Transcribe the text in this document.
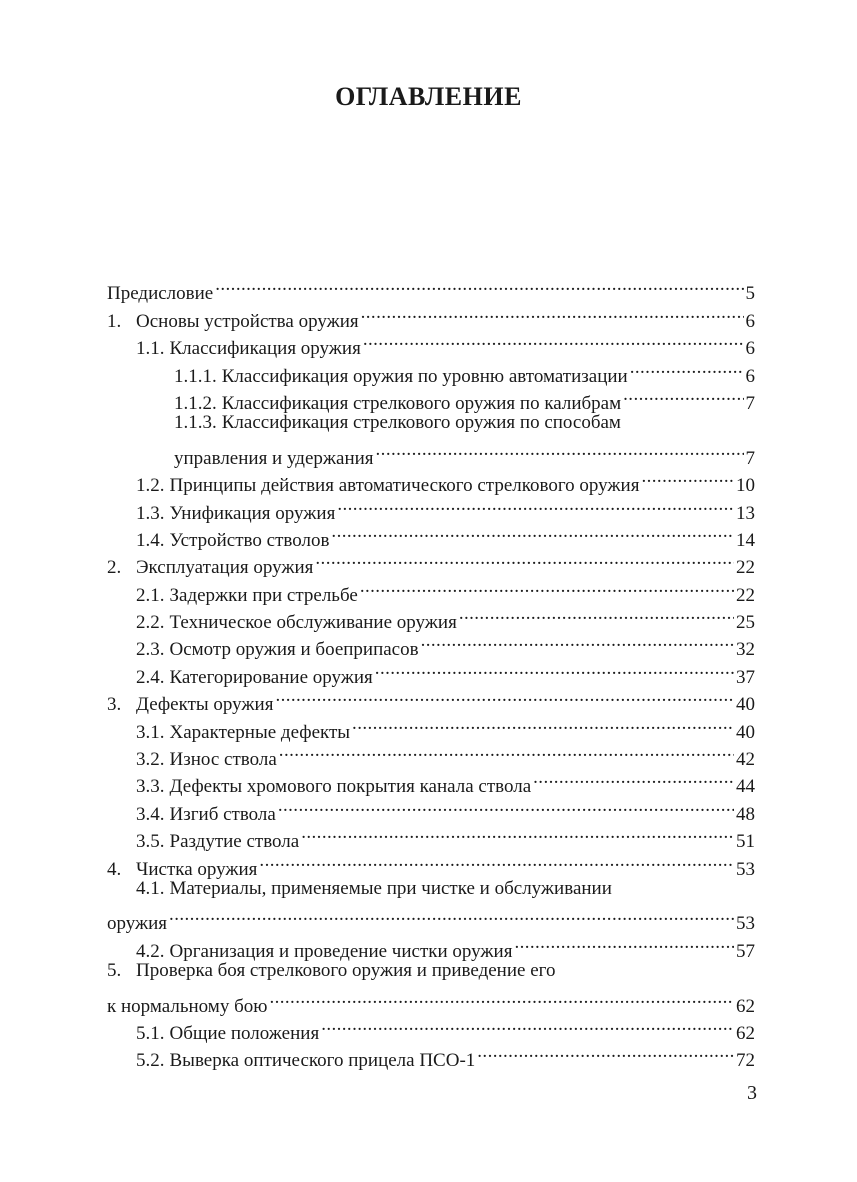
ОГЛАВЛЕНИЕ
Предисловие .....	5
1. Основы устройства оружия .....	6
1.1. Классификация оружия .....	6
1.1.1. Классификация оружия по уровню автоматизации .....	6
1.1.2. Классификация стрелкового оружия по калибрам .....	7
1.1.3. Классификация стрелкового оружия по способам
управления и удержания .....	7
1.2. Принципы действия автоматического стрелкового оружия .....	10
1.3. Унификация оружия .....	13
1.4. Устройство стволов .....	14
2. Эксплуатация оружия .....	22
2.1. Задержки при стрельбе .....	22
2.2. Техническое обслуживание оружия .....	25
2.3. Осмотр оружия и боеприпасов .....	32
2.4. Категорирование оружия .....	37
3. Дефекты оружия .....	40
3.1. Характерные дефекты .....	40
3.2. Износ ствола .....	42
3.3. Дефекты хромового покрытия канала ствола .....	44
3.4. Изгиб ствола .....	48
3.5. Раздутие ствола .....	51
4. Чистка оружия .....	53
4.1. Материалы, применяемые при чистке и обслуживании
оружия .....	53
4.2. Организация и проведение чистки оружия .....	57
5. Проверка боя стрелкового оружия и приведение его
к нормальному бою .....	62
5.1. Общие положения .....	62
5.2. Выверка оптического прицела ПСО-1 .....	72
3
